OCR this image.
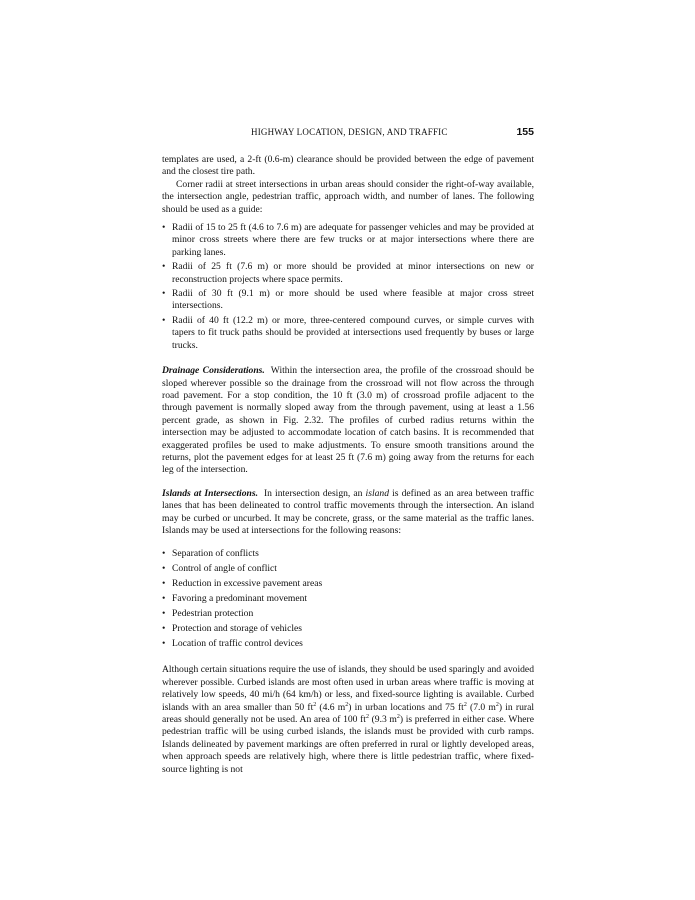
HIGHWAY LOCATION, DESIGN, AND TRAFFIC	155

templates are used, a 2-ft (0.6-m) clearance should be provided between the edge of pavement and the closest tire path.

Corner radii at street intersections in urban areas should consider the right-of-way available, the intersection angle, pedestrian traffic, approach width, and number of lanes. The following should be used as a guide:

• Radii of 15 to 25 ft (4.6 to 7.6 m) are adequate for passenger vehicles and may be provided at minor cross streets where there are few trucks or at major intersections where there are parking lanes.
• Radii of 25 ft (7.6 m) or more should be provided at minor intersections on new or reconstruction projects where space permits.
• Radii of 30 ft (9.1 m) or more should be used where feasible at major cross street intersections.
• Radii of 40 ft (12.2 m) or more, three-centered compound curves, or simple curves with tapers to fit truck paths should be provided at intersections used frequently by buses or large trucks.

Drainage Considerations. Within the intersection area, the profile of the crossroad should be sloped wherever possible so the drainage from the crossroad will not flow across the through road pavement. For a stop condition, the 10 ft (3.0 m) of crossroad profile adjacent to the through pavement is normally sloped away from the through pavement, using at least a 1.56 percent grade, as shown in Fig. 2.32. The profiles of curbed radius returns within the intersection may be adjusted to accommodate location of catch basins. It is recommended that exaggerated profiles be used to make adjustments. To ensure smooth transitions around the returns, plot the pavement edges for at least 25 ft (7.6 m) going away from the returns for each leg of the intersection.

Islands at Intersections. In intersection design, an island is defined as an area between traffic lanes that has been delineated to control traffic movements through the intersection. An island may be curbed or uncurbed. It may be concrete, grass, or the same material as the traffic lanes. Islands may be used at intersections for the following reasons:

• Separation of conflicts
• Control of angle of conflict
• Reduction in excessive pavement areas
• Favoring a predominant movement
• Pedestrian protection
• Protection and storage of vehicles
• Location of traffic control devices

Although certain situations require the use of islands, they should be used sparingly and avoided wherever possible. Curbed islands are most often used in urban areas where traffic is moving at relatively low speeds, 40 mi/h (64 km/h) or less, and fixed-source lighting is available. Curbed islands with an area smaller than 50 $ft^2$ (4.6 $m^2$) in urban locations and 75 $ft^2$ (7.0 $m^2$) in rural areas should generally not be used. An area of 100 $ft^2$ (9.3 $m^2$) is preferred in either case. Where pedestrian traffic will be using curbed islands, the islands must be provided with curb ramps. Islands delineated by pavement markings are often preferred in rural or lightly developed areas, when approach speeds are relatively high, where there is little pedestrian traffic, where fixed-source lighting is not
